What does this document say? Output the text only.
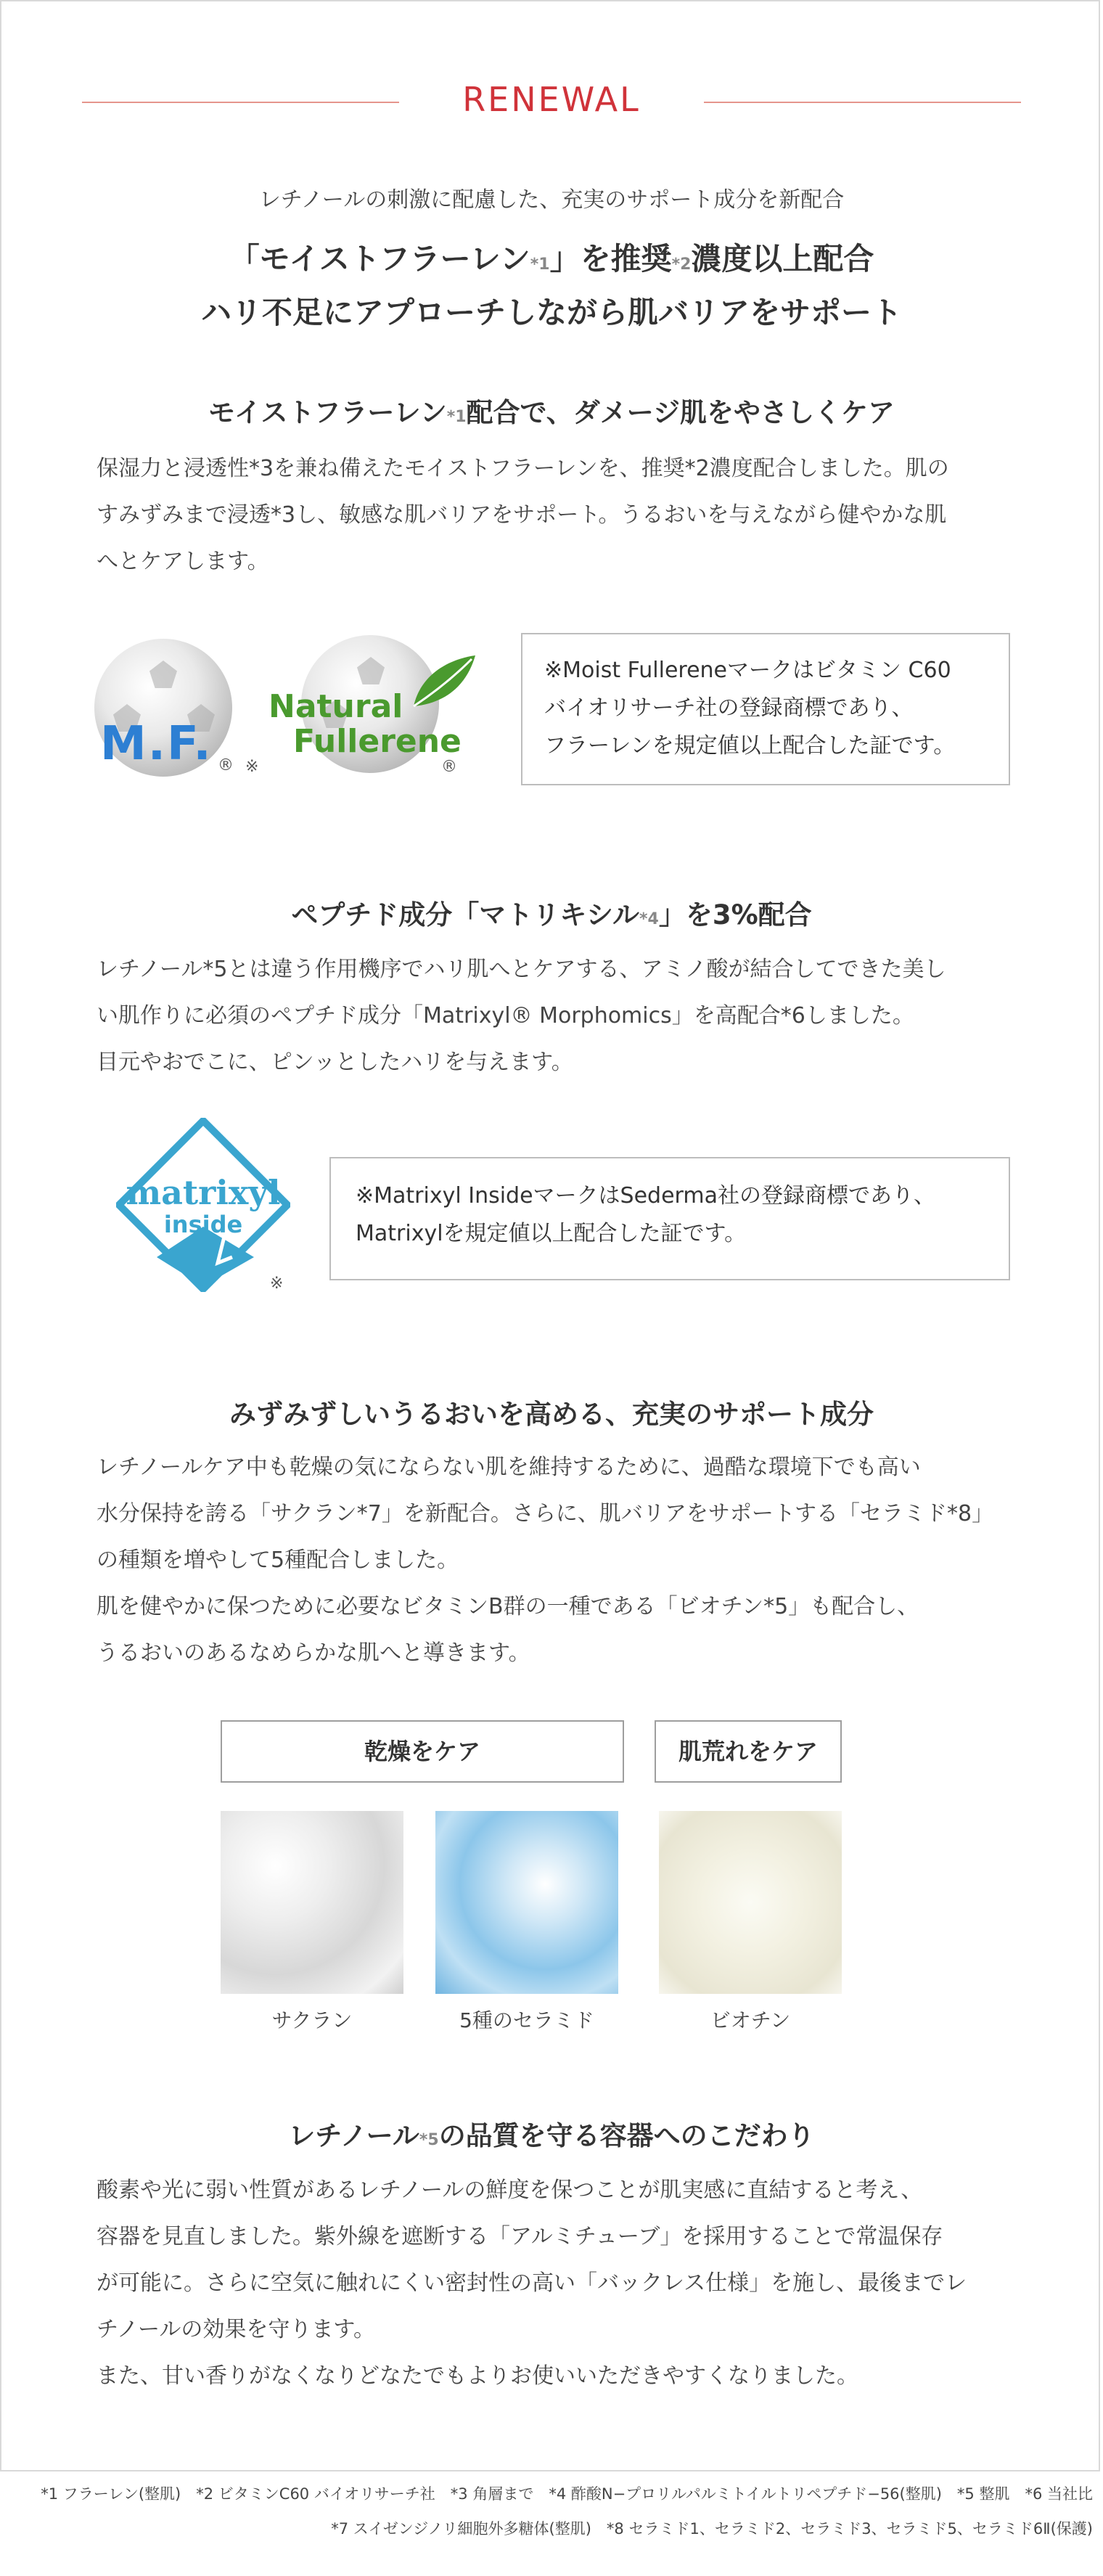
RENEWAL
レチノールの刺激に配慮した、充実のサポート成分を新配合
「モイストフラーレン*1」を推奨*2濃度以上配合
ハリ不足にアプローチしながら肌バリアをサポート
モイストフラーレン*1配合で、ダメージ肌をやさしくケア
保湿力と浸透性*3を兼ね備えたモイストフラーレンを、推奨*2濃度配合しました。肌の
すみずみまで浸透*3し、敏感な肌バリアをサポート。うるおいを与えながら健やかな肌
へとケアします。
M.F. ® ※
Natural
Fullerene
®
※Moist Fullereneマークはビタミン C60
バイオリサーチ社の登録商標であり、
フラーレンを規定値以上配合した証です。
ペプチド成分「マトリキシル*4」を3%配合
レチノール*5とは違う作用機序でハリ肌へとケアする、アミノ酸が結合してできた美し
い肌作りに必須のペプチド成分「Matrixyl® Morphomics」を高配合*6しました。
目元やおでこに、ピンッとしたハリを与えます。
matrixyl
inside
※
※Matrixyl InsideマークはSederma社の登録商標であり、
Matrixylを規定値以上配合した証です。
みずみずしいうるおいを高める、充実のサポート成分
レチノールケア中も乾燥の気にならない肌を維持するために、過酷な環境下でも高い
水分保持を誇る「サクラン*7」を新配合。さらに、肌バリアをサポートする「セラミド*8」
の種類を増やして5種配合しました。
肌を健やかに保つために必要なビタミンB群の一種である「ビオチン*5」も配合し、
うるおいのあるなめらかな肌へと導きます。
乾燥をケア	肌荒れをケア
サクラン	5種のセラミド	ビオチン
レチノール*5の品質を守る容器へのこだわり
酸素や光に弱い性質があるレチノールの鮮度を保つことが肌実感に直結すると考え、
容器を見直しました。紫外線を遮断する「アルミチューブ」を採用することで常温保存
が可能に。さらに空気に触れにくい密封性の高い「バックレス仕様」を施し、最後までレ
チノールの効果を守ります。
また、甘い香りがなくなりどなたでもよりお使いいただきやすくなりました。
*1 フラーレン(整肌)　*2 ビタミンC60 バイオリサーチ社　*3 角層まで　*4 酢酸N−プロリルパルミトイルトリペプチド−56(整肌)　*5 整肌　*6 当社比
*7 スイゼンジノリ細胞外多糖体(整肌)　*8 セラミド1、セラミド2、セラミド3、セラミド5、セラミド6Ⅱ(保護)
